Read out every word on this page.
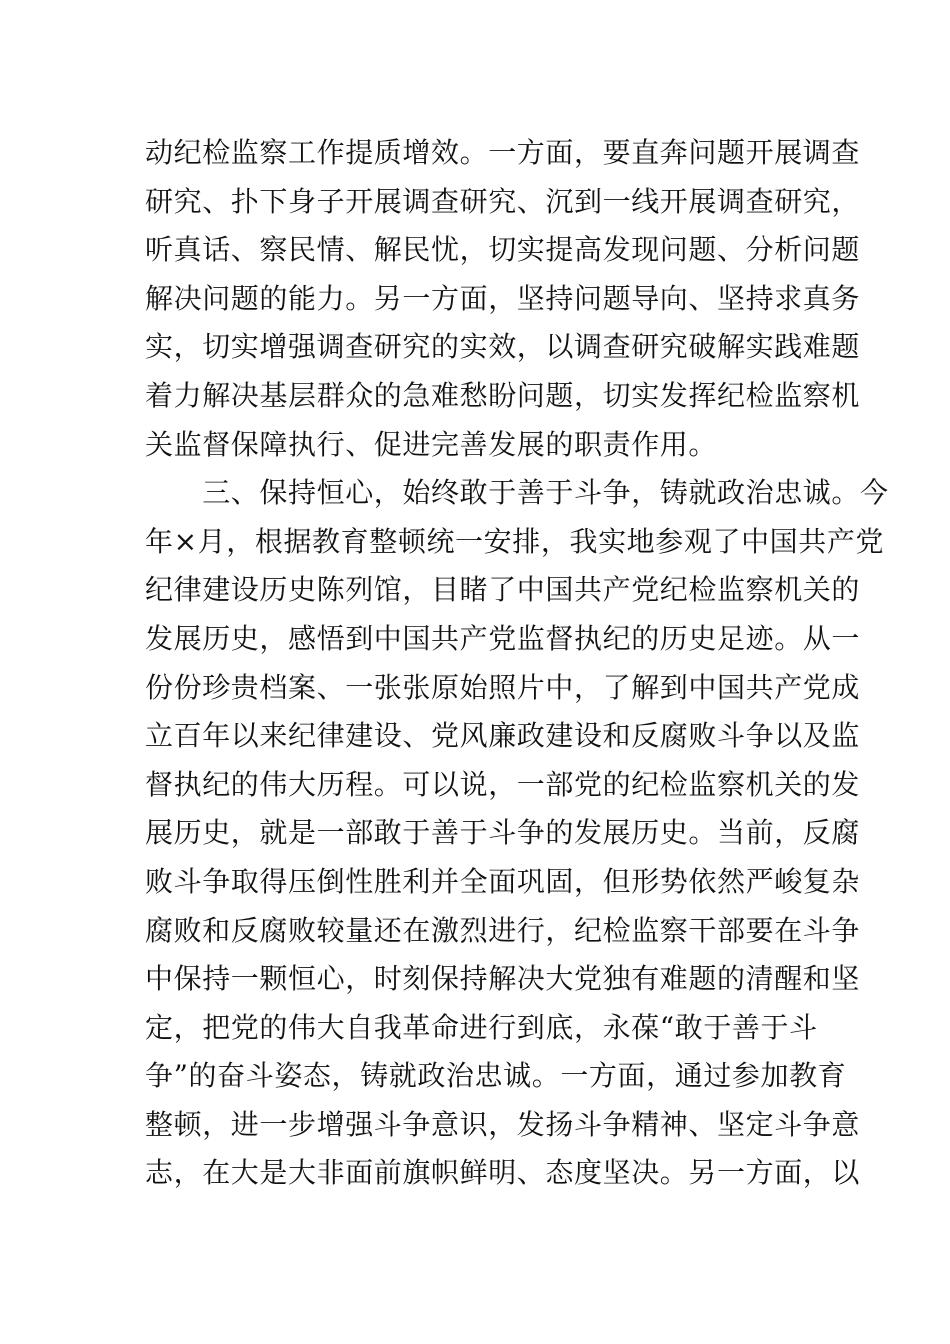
动纪检监察工作提质增效。一方面，要直奔问题开展调查
研究、扑下身子开展调查研究、沉到一线开展调查研究，
听真话、察民情、解民忧，切实提高发现问题、分析问题
解决问题的能力。另一方面，坚持问题导向、坚持求真务
实，切实增强调查研究的实效，以调查研究破解实践难题
着力解决基层群众的急难愁盼问题，切实发挥纪检监察机
关监督保障执行、促进完善发展的职责作用。
　　三、保持恒心，始终敢于善于斗争，铸就政治忠诚。今
年×月，根据教育整顿统一安排，我实地参观了中国共产党
纪律建设历史陈列馆，目睹了中国共产党纪检监察机关的
发展历史，感悟到中国共产党监督执纪的历史足迹。从一
份份珍贵档案、一张张原始照片中，了解到中国共产党成
立百年以来纪律建设、党风廉政建设和反腐败斗争以及监
督执纪的伟大历程。可以说，一部党的纪检监察机关的发
展历史，就是一部敢于善于斗争的发展历史。当前，反腐
败斗争取得压倒性胜利并全面巩固，但形势依然严峻复杂
腐败和反腐败较量还在激烈进行，纪检监察干部要在斗争
中保持一颗恒心，时刻保持解决大党独有难题的清醒和坚
定，把党的伟大自我革命进行到底，永葆“敢于善于斗
争”的奋斗姿态，铸就政治忠诚。一方面，通过参加教育
整顿，进一步增强斗争意识，发扬斗争精神、坚定斗争意
志，在大是大非面前旗帜鲜明、态度坚决。另一方面，以
